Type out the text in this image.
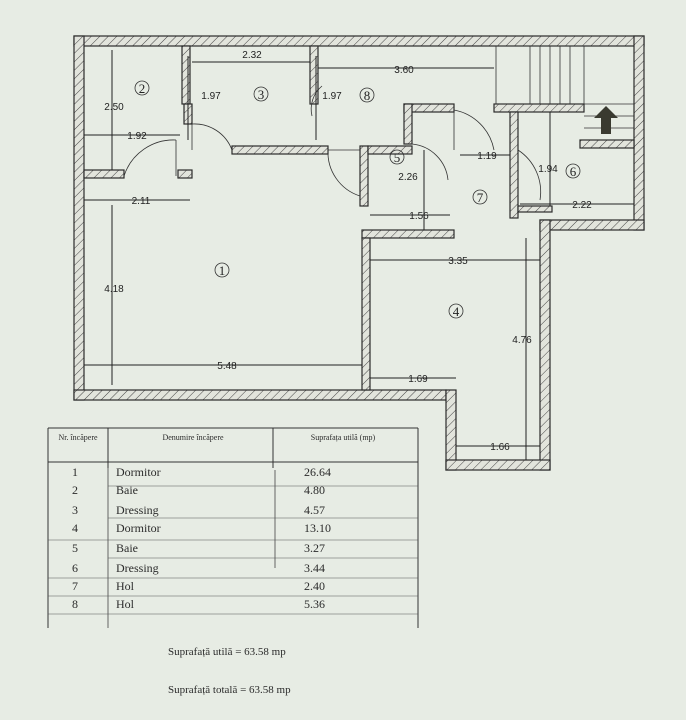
2	3	8
5
7
6
1
4
2.32
3.60
2.50
1.97	1.97
1.92
1.19
2.26
1.94
2.11
1.56
2.22
3.35
4.18
4.76
5.48
1.69
1.66
Nr. încăpere	Denumire încăpere	Suprafața utilă (mp)
1	Dormitor	26.64
2	Baie	4.80
3	Dressing	4.57
4	Dormitor	13.10
5	Baie	3.27
6	Dressing	3.44
7	Hol	2.40
8	Hol	5.36
Suprafață utilă = 63.58 mp
Suprafață totală = 63.58 mp
